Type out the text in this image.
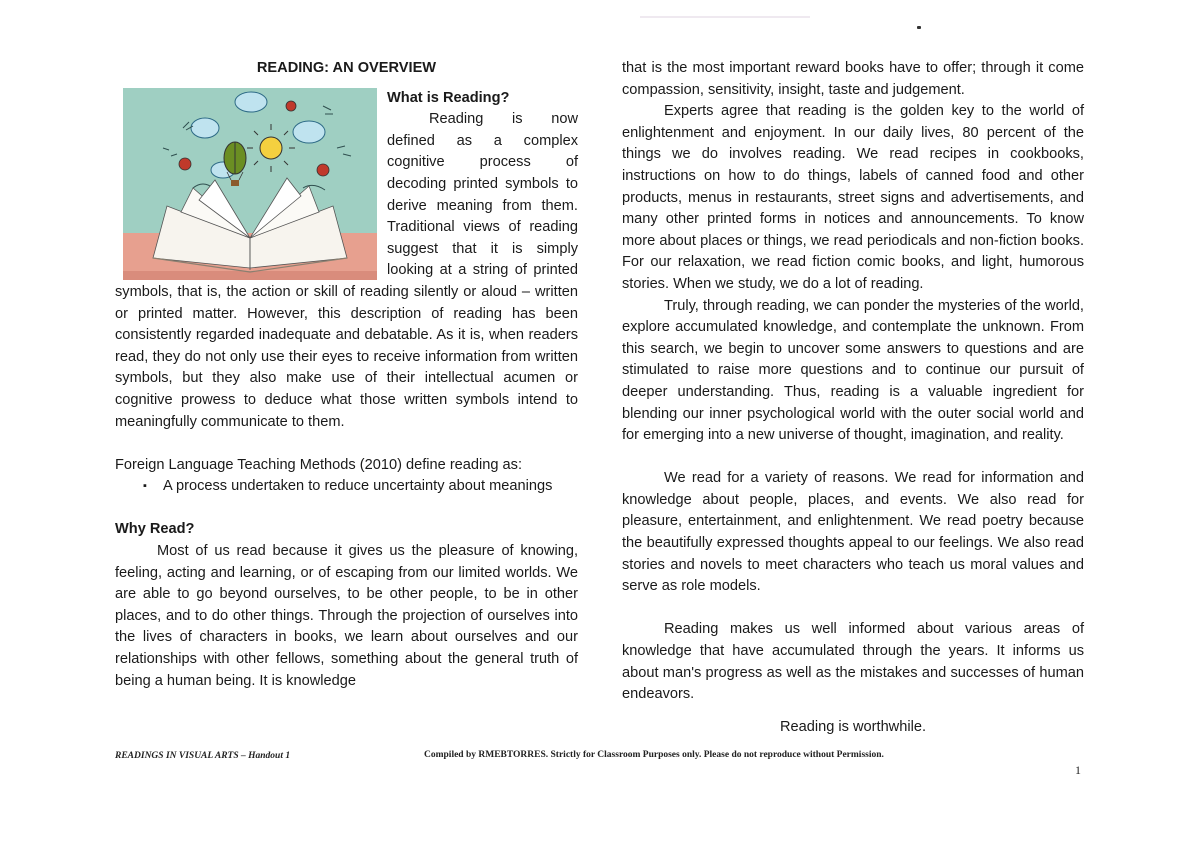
READING: AN OVERVIEW

What is Reading?

Reading is now defined as a complex cognitive process of decoding printed symbols to derive meaning from them. Traditional views of reading suggest that it is simply looking at a string of printed symbols, that is, the action or skill of reading silently or aloud – written or printed matter. However, this description of reading has been consistently regarded inadequate and debatable. As it is, when readers read, they do not only use their eyes to receive information from written symbols, but they also make use of their intellectual acumen or cognitive prowess to deduce what those written symbols intend to meaningfully communicate to them.

Foreign Language Teaching Methods (2010) define reading as:

▪ A process undertaken to reduce uncertainty about meanings

Why Read?

Most of us read because it gives us the pleasure of knowing, feeling, acting and learning, or of escaping from our limited worlds. We are able to go beyond ourselves, to be other people, to be in other places, and to do other things. Through the projection of ourselves into the lives of characters in books, we learn about ourselves and our relationships with other fellows, something about the general truth of being a human being. It is knowledge

that is the most important reward books have to offer; through it come compassion, sensitivity, insight, taste and judgement.

Experts agree that reading is the golden key to the world of enlightenment and enjoyment. In our daily lives, 80 percent of the things we do involves reading. We read recipes in cookbooks, instructions on how to do things, labels of canned food and other products, menus in restaurants, street signs and advertisements, and many other printed forms in notices and announcements. To know more about places or things, we read periodicals and non-fiction books. For our relaxation, we read fiction comic books, and light, humorous stories. When we study, we do a lot of reading.

Truly, through reading, we can ponder the mysteries of the world, explore accumulated knowledge, and contemplate the unknown. From this search, we begin to uncover some answers to questions and are stimulated to raise more questions and to continue our pursuit of deeper understanding. Thus, reading is a valuable ingredient for blending our inner psychological world with the outer social world and for emerging into a new universe of thought, imagination, and reality.

We read for a variety of reasons. We read for information and knowledge about people, places, and events. We also read for pleasure, entertainment, and enlightenment. We read poetry because the beautifully expressed thoughts appeal to our feelings. We also read stories and novels to meet characters who teach us moral values and serve as role models.

Reading makes us well informed about various areas of knowledge that have accumulated through the years. It informs us about man's progress as well as the mistakes and successes of human endeavors.

Reading is worthwhile.

READINGS IN VISUAL ARTS – Handout 1	Compiled by RMEBTORRES. Strictly for Classroom Purposes only. Please do not reproduce without Permission.
1
